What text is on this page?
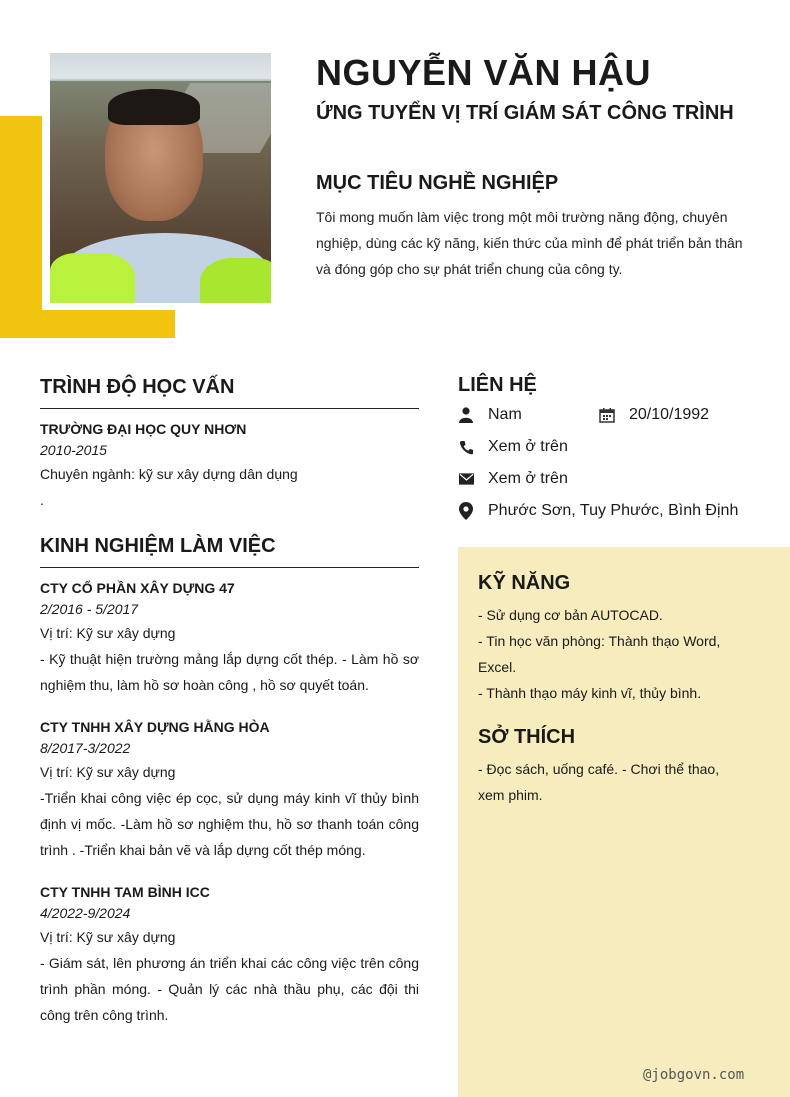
NGUYỄN VĂN HẬU
ỨNG TUYỂN VỊ TRÍ GIÁM SÁT CÔNG TRÌNH
MỤC TIÊU NGHỀ NGHIỆP

Tôi mong muốn làm việc trong một môi trường năng động, chuyên nghiệp, dùng các kỹ năng, kiến thức của mình để phát triển bản thân và đóng góp cho sự phát triển chung của công ty.

TRÌNH ĐỘ HỌC VẤN

TRƯỜNG ĐẠI HỌC QUY NHƠN

2010-2015

Chuyên ngành: kỹ sư xây dựng dân dụng

.

KINH NGHIỆM LÀM VIỆC

CTY CỔ PHẦN XÂY DỰNG 47

2/2016 - 5/2017

Vị trí: Kỹ sư xây dựng

- Kỹ thuật hiện trường mảng lắp dựng cốt thép. - Làm hồ sơ nghiệm thu, làm hồ sơ hoàn công , hồ sơ quyết toán.

CTY TNHH XÂY DỰNG HẰNG HÒA

8/2017-3/2022

Vị trí: Kỹ sư xây dựng

-Triển khai công việc ép cọc, sử dụng máy kinh vĩ thủy bình định vị mốc. -Làm hồ sơ nghiệm thu, hồ sơ thanh toán công trình . -Triển khai bản vẽ và lắp dựng cốt thép móng.

CTY TNHH TAM BÌNH ICC

4/2022-9/2024

Vị trí: Kỹ sư xây dựng

- Giám sát, lên phương án triển khai các công việc trên công trình phần móng. - Quản lý các nhà thầu phụ, các đội thi công trên công trình.

LIÊN HỆ
Nam	20/10/1992
Xem ở trên
Xem ở trên
Phước Sơn, Tuy Phước, Bình Định
KỸ NĂNG

- Sử dụng cơ bản AUTOCAD.

- Tin học văn phòng: Thành thạo Word, Excel.

- Thành thạo máy kinh vĩ, thủy bình.

SỞ THÍCH

- Đọc sách, uống café. - Chơi thể thao, xem phim.

@jobgovn.com
